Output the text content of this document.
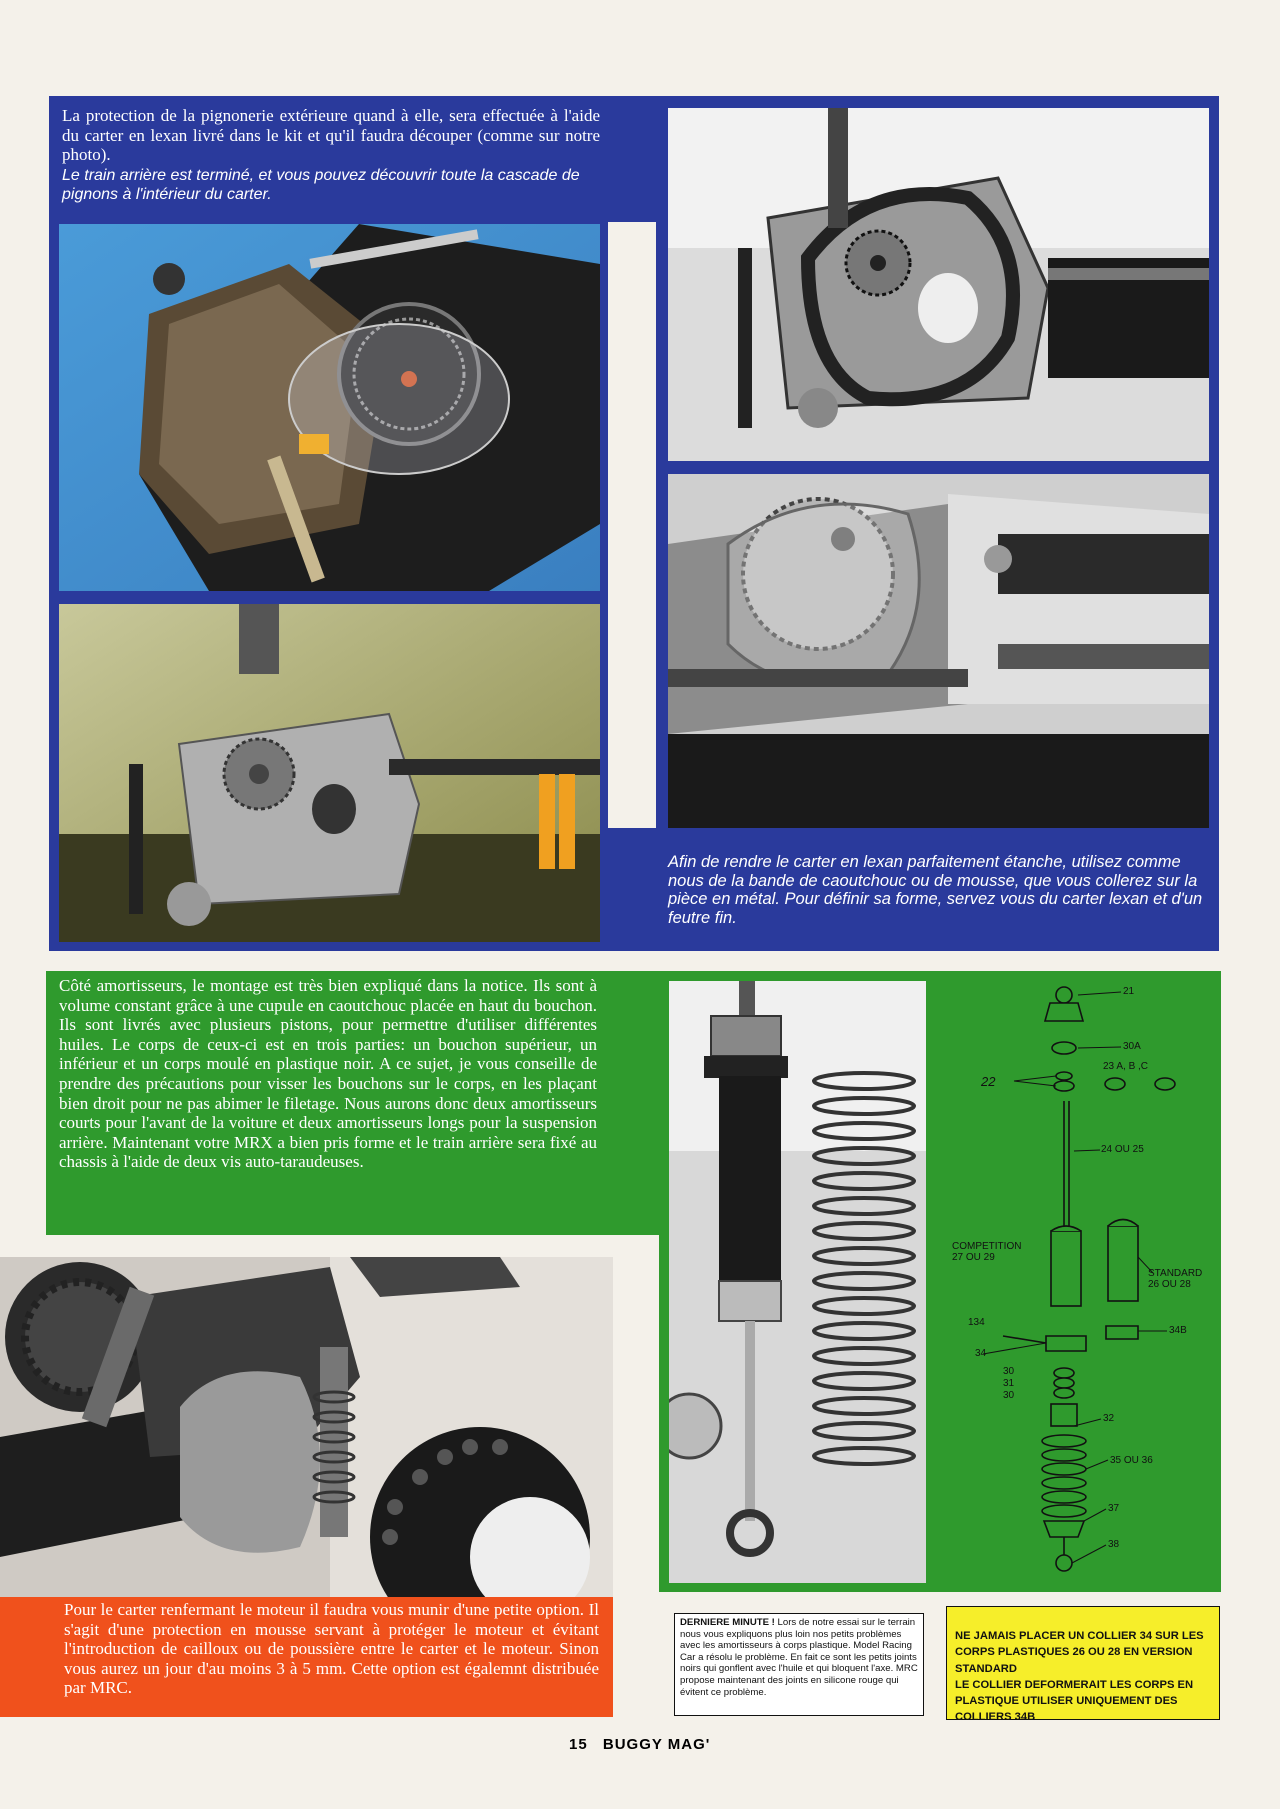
La protection de la pignonerie extérieure quand à elle, sera effectuée à l'aide du carter en lexan livré dans le kit et qu'il faudra découper (comme sur notre photo).
Le train arrière est terminé, et vous pouvez découvrir toute la cascade de pignons à l'intérieur du carter.
Afin de rendre le carter en lexan parfaitement étanche, utilisez comme nous de la bande de caoutchouc ou de mousse, que vous collerez sur la pièce en métal. Pour définir sa forme, servez vous du carter lexan et d'un feutre fin.
Côté amortisseurs, le montage est très bien expliqué dans la notice. Ils sont à volume constant grâce à une cupule en caoutchouc placée en haut du bouchon. Ils sont livrés avec plusieurs pistons, pour permettre d'utiliser différentes huiles. Le corps de ceux-ci est en trois parties: un bouchon supérieur, un inférieur et un corps moulé en plastique noir. A ce sujet, je vous conseille de prendre des précautions pour visser les bouchons sur le corps, en les plaçant bien droit pour ne pas abimer le filetage. Nous aurons donc deux amortisseurs courts pour l'avant de la voiture et deux amortisseurs longs pour la suspension arrière. Maintenant votre MRX a bien pris forme et le train arrière sera fixé au chassis à l'aide de deux vis auto-taraudeuses.
21
30A
22
23 A, B ,C
24 OU 25
COMPETITION
27 OU 29
STANDARD
26 OU 28
134
34B
34
30
31
30
32
35 OU 36
37
38
Pour le carter renfermant le moteur il faudra vous munir d'une petite option. Il s'agit d'une protection en mousse servant à protéger le moteur et évitant l'introduction de cailloux ou de poussière entre le carter et le moteur. Sinon vous aurez un jour d'au moins 3 à 5 mm. Cette option est égalemnt distribuée par MRC.
DERNIERE MINUTE ! Lors de notre essai sur le terrain nous vous expliquons plus loin nos petits problèmes avec les amortisseurs à corps plastique. Model Racing Car a résolu le problème. En fait ce sont les petits joints noirs qui gonflent avec l'huile et qui bloquent l'axe. MRC propose maintenant des joints en silicone rouge qui évitent ce problème.

NE JAMAIS PLACER UN COLLIER 34 SUR LES CORPS PLASTIQUES 26 OU 28 EN VERSION STANDARD
LE COLLIER DEFORMERAIT LES CORPS EN PLASTIQUE UTILISER UNIQUEMENT DES COLLIERS 34B

15 BUGGY MAG'
